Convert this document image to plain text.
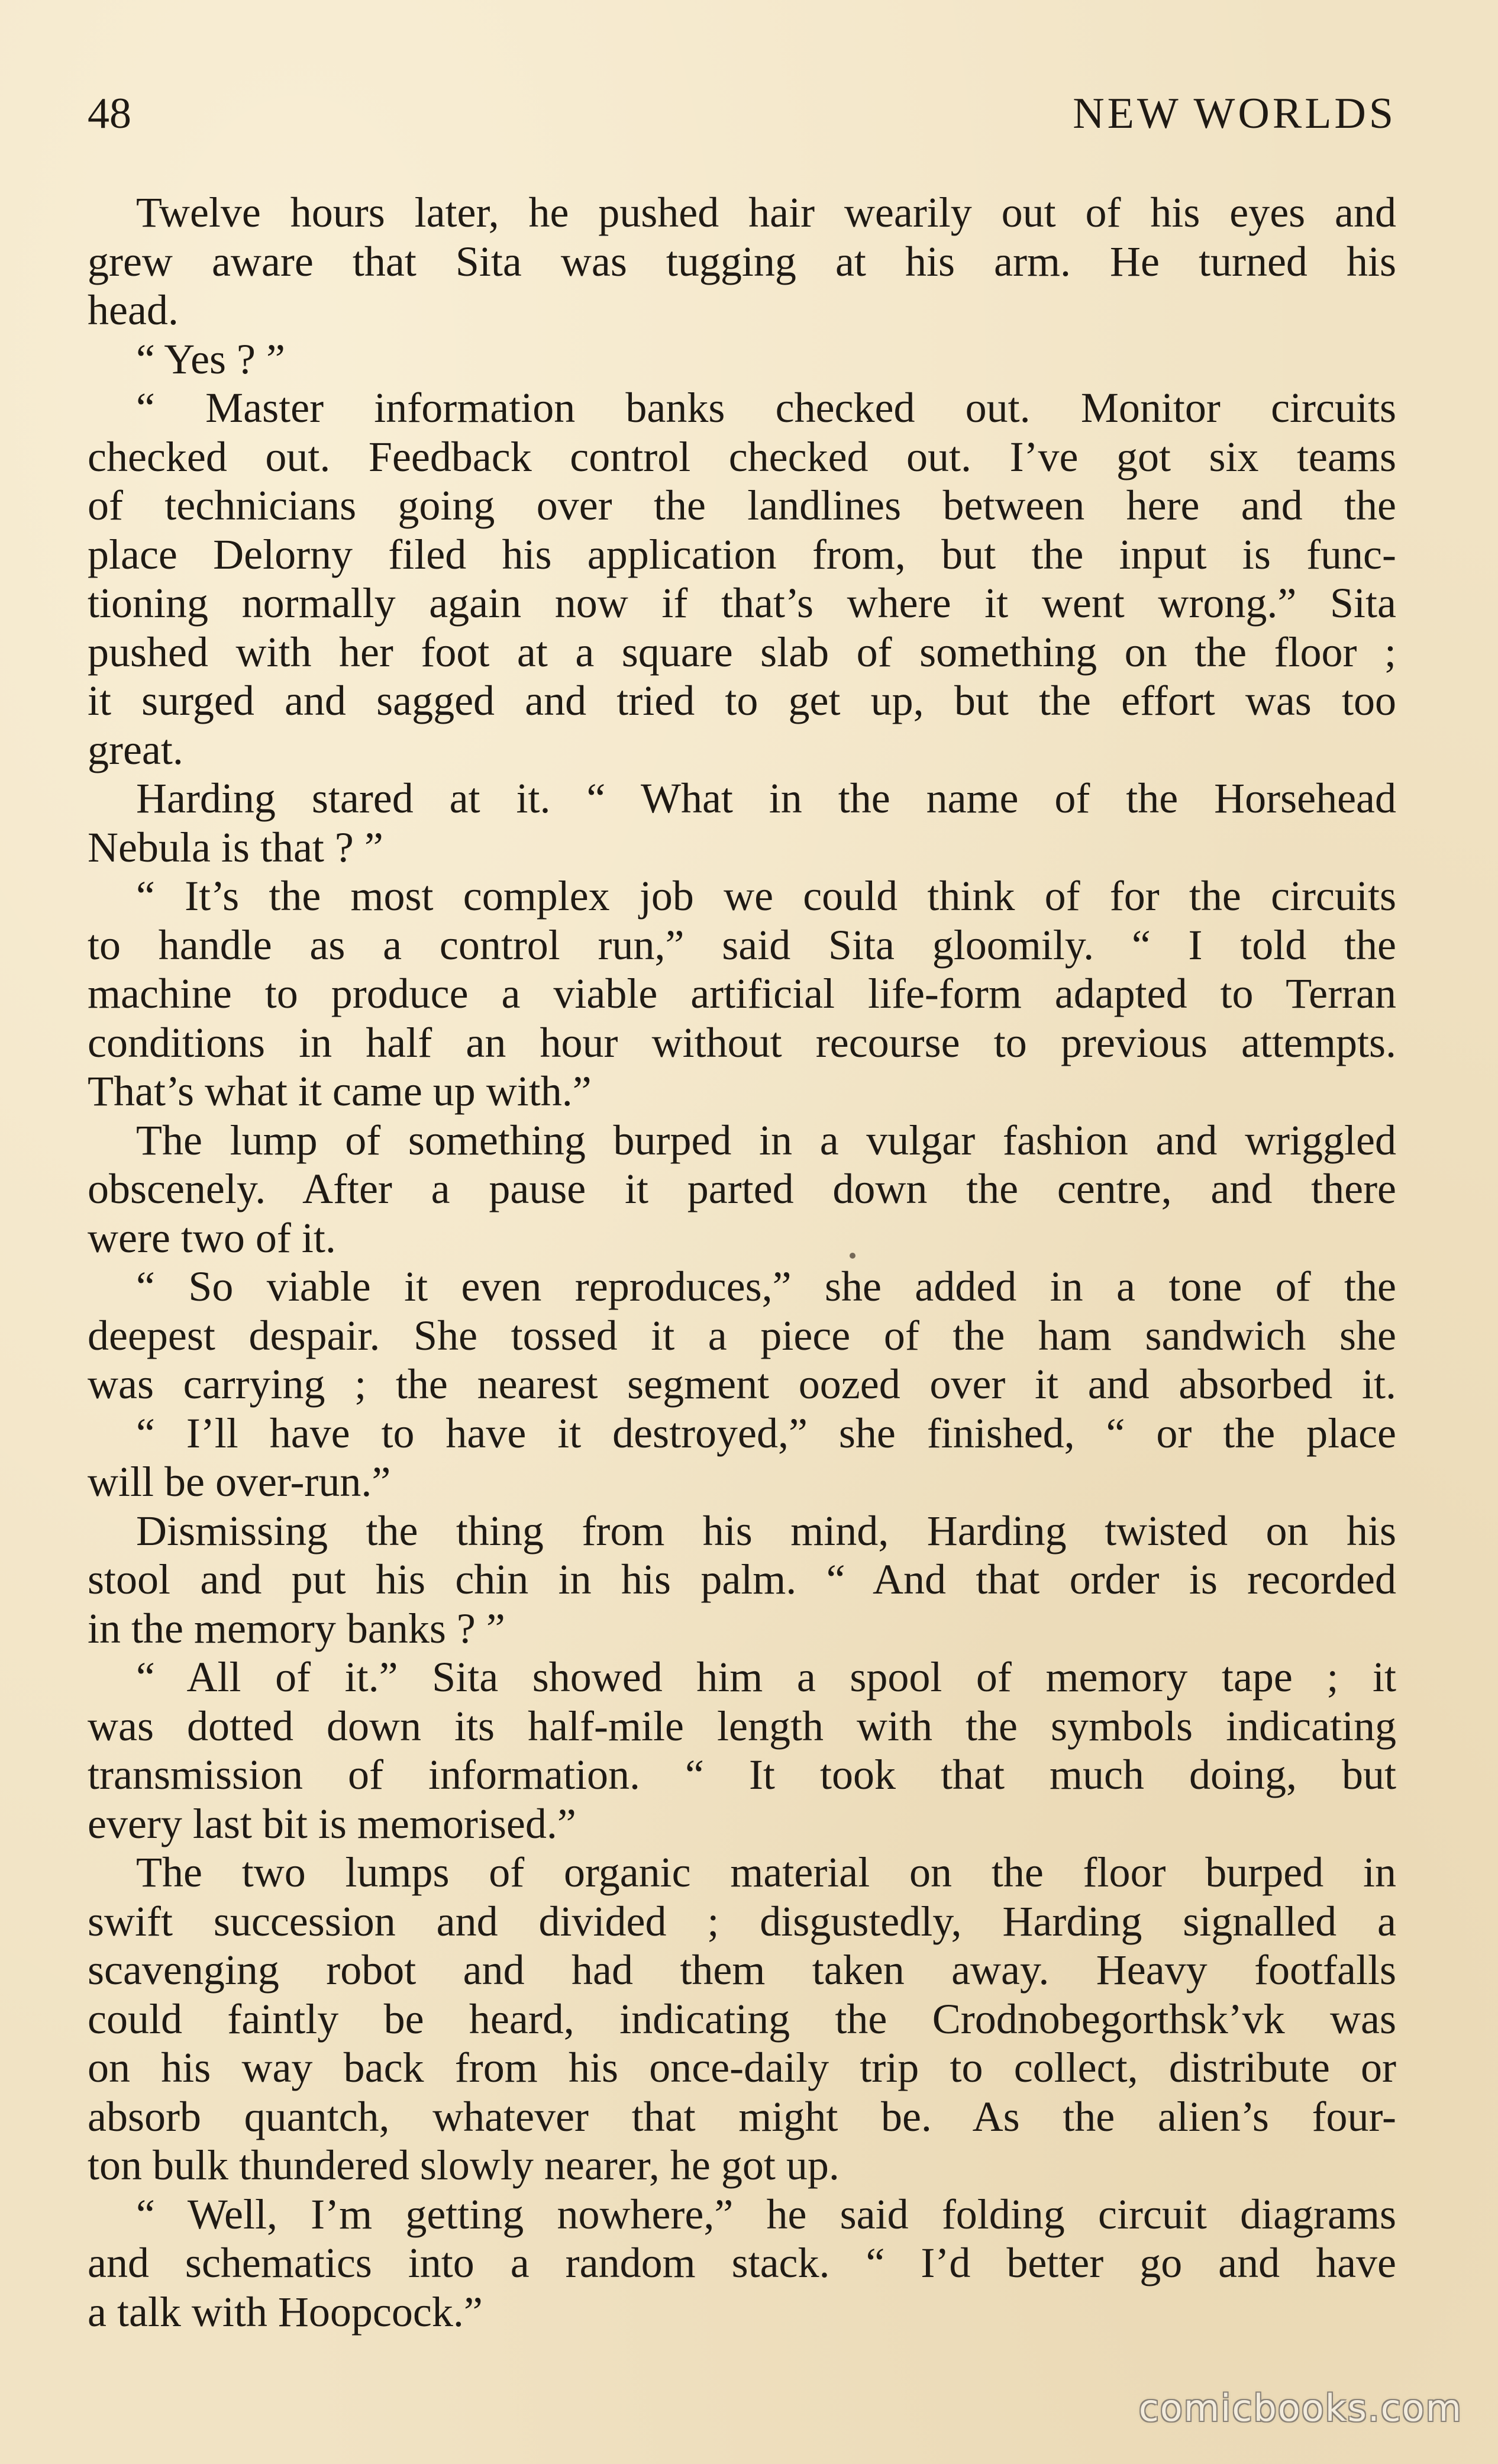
48	NEW WORLDS
Twelve hours later, he pushed hair wearily out of his eyes and
grew aware that Sita was tugging at his arm. He turned his
head.
“ Yes ? ”
“ Master information banks checked out. Monitor circuits
checked out. Feedback control checked out. I’ve got six teams
of technicians going over the landlines between here and the
place Delorny filed his application from, but the input is func-
tioning normally again now if that’s where it went wrong.” Sita
pushed with her foot at a square slab of something on the floor ;
it surged and sagged and tried to get up, but the effort was too
great.
Harding stared at it. “ What in the name of the Horsehead
Nebula is that ? ”
“ It’s the most complex job we could think of for the circuits
to handle as a control run,” said Sita gloomily. “ I told the
machine to produce a viable artificial life-form adapted to Terran
conditions in half an hour without recourse to previous attempts.
That’s what it came up with.”
The lump of something burped in a vulgar fashion and wriggled
obscenely. After a pause it parted down the centre, and there
were two of it.
“ So viable it even reproduces,” she added in a tone of the
deepest despair. She tossed it a piece of the ham sandwich she
was carrying ; the nearest segment oozed over it and absorbed it.
“ I’ll have to have it destroyed,” she finished, “ or the place
will be over-run.”
Dismissing the thing from his mind, Harding twisted on his
stool and put his chin in his palm. “ And that order is recorded
in the memory banks ? ”
“ All of it.” Sita showed him a spool of memory tape ; it
was dotted down its half-mile length with the symbols indicating
transmission of information. “ It took that much doing, but
every last bit is memorised.”
The two lumps of organic material on the floor burped in
swift succession and divided ; disgustedly, Harding signalled a
scavenging robot and had them taken away. Heavy footfalls
could faintly be heard, indicating the Crodnobegorthsk’vk was
on his way back from his once-daily trip to collect, distribute or
absorb quantch, whatever that might be. As the alien’s four-
ton bulk thundered slowly nearer, he got up.
“ Well, I’m getting nowhere,” he said folding circuit diagrams
and schematics into a random stack. “ I’d better go and have
a talk with Hoopcock.”
comicbooks.com
